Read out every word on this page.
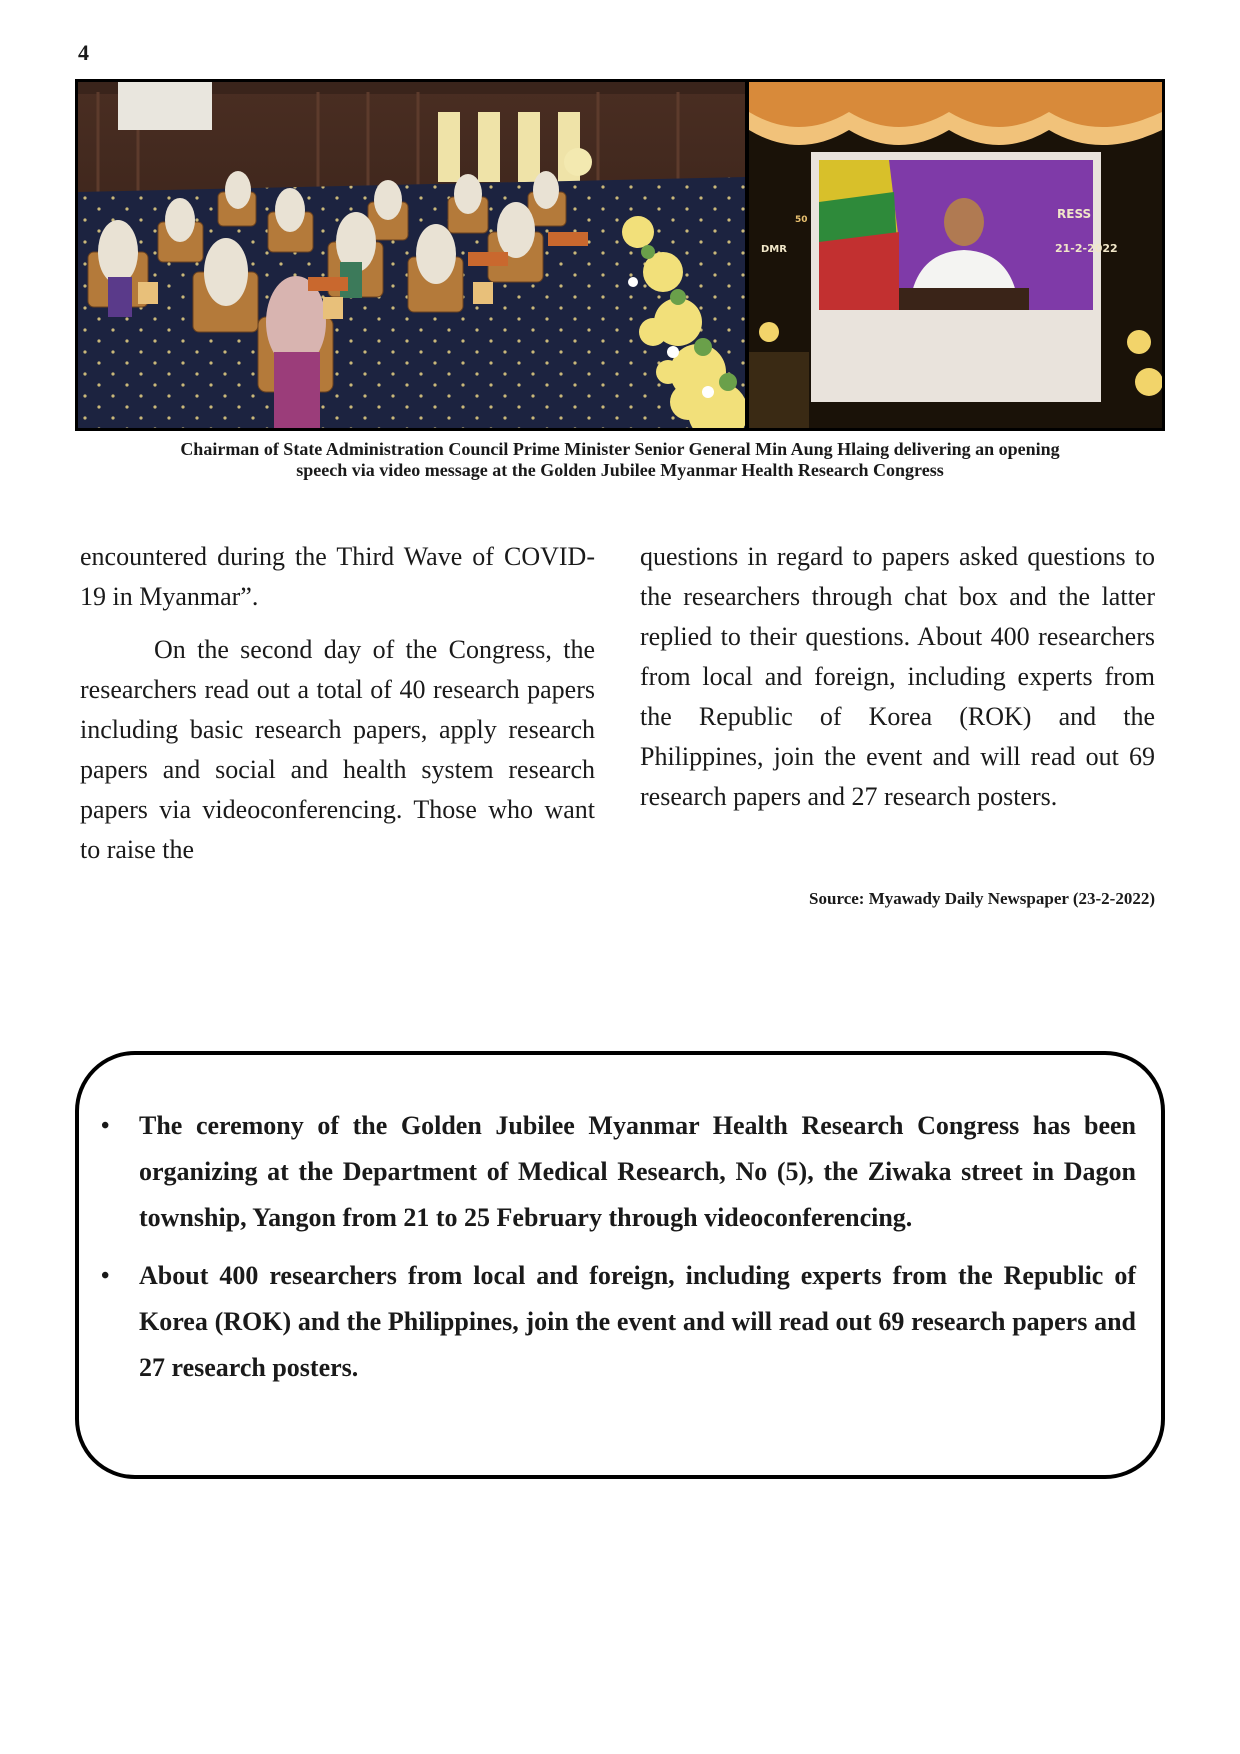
4
DMR
RESS
21-2-2022
50
Chairman of State Administration Council Prime Minister Senior General Min Aung Hlaing delivering an opening
speech via video message at the Golden Jubilee Myanmar Health Research Congress

encountered during the Third Wave of COVID-19 in Myanmar”.

On the second day of the Congress, the researchers read out a total of 40 research papers including basic research papers, apply research papers and social and health system research papers via videoconferencing. Those who want to raise the

questions in regard to papers asked questions to the researchers through chat box and the latter replied to their questions. About 400 researchers from local and foreign, including experts from the Republic of Korea (ROK) and the Philippines, join the event and will read out 69 research papers and 27 research posters.

Source: Myawady Daily Newspaper (23-2-2022)
• The ceremony of the Golden Jubilee Myanmar Health Research Congress has been organizing at the Department of Medical Research, No (5), the Ziwaka street in Dagon township, Yangon from 21 to 25 February through videoconferencing.
• About 400 researchers from local and foreign, including experts from the Republic of Korea (ROK) and the Philippines, join the event and will read out 69 research papers and 27 research posters.
